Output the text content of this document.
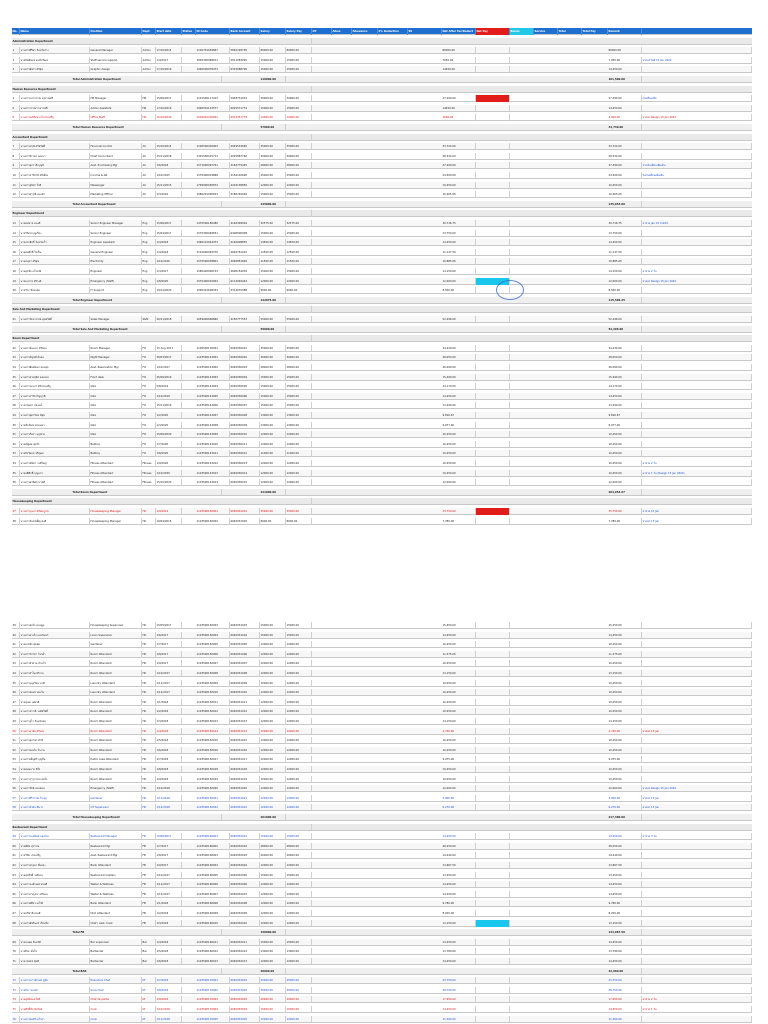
No.	Name	Position	Dept.	Start date	Status	ID Code	Bank Account	Salary	Salary Pay	OT	Allow	Allowance	2% Deduction	SS	Net After Tax/Deduct	Net Pay	Bonus	Service	Total	Total Pay	Remark
Administration Department
1	นางสาวศิริพร จันทร์สว่าง	General Manager	Admin	17/10/2014	1100701059867	5840728765	80000.00	80000.00	80000.00	80000.00
2	นายกิตติพงษ์ ธนชัยวัฒน์	Staff service support	Admin	1/4/2017	3920300968011	2011083095	15000.00	15000.00	7050.00	7,050.00	ลาออกวันที่ 15 Jan 2024
3	นางสาวพัชรา ศรีสุข	Graphic design	Admin	17/10/2019	1990500978473	6315688700	15000.00	15000.00	14450.00	14,450.00
Total Administration Department	110000.00	101,500.00
Human Resource Department
4	นางสาวกนกวรรณ สุวรรณศรี	HR Manager	HR	15/06/2017	1101500117412	5948731934	30000.00	30000.00	27,290.00	27,290.00	เงินเดือนเพิ่ม
5	นางสาววรรณา เชาวน์ดี	Admin Assistant	HR	17/10/2019	1990501123577	6025571774	15000.00	15000.00	14450.00	14,450.00
6	นางสาวมณีรัตน์ แก้วประเสริฐ	Office Staff	HR	15/10/2020	1502001230001	6014357778	12000.00	12000.00	3000.00	3,000.00	ลาออก Resign 15 Jan 2024
Total Human Resource Department	57000.00	44,740.00
Accountant Department
7	นางสาวอรุณี ศรีสวัสดิ์	Financial Control	AC	15/10/2014	1100500402003	4049533665	35000.00	35000.00	33,724.00	33,724.00
8	นางสาวจิราพร ทองมา	Chief Accountant	AC	25/11/2018	1301500015713	4025887760	30000.00	30000.00	28,534.00	28,534.00
9	นางสาวสุภาวดี บุญมี	Asst. Purchasing Mgr	AC	1/6/2018	1571000097761	4182779445	28000.00	28000.00	27,290.00	27,290.00	จ่ายเงินเดือนเพิ่มเติม
10	นางสาวปาริชาติ ศรีเมือง	Income & AR	AC	1/10/2015	1570400019868	4156102690	25000.00	25000.00	24,500.00	24,500.00	รับเงินเดือนเพิ่มเติม
11	นางสาวสุนิสา ใจดี	Messenger	AC	15/11/2015	1799900056874	4204138850	12000.00	12000.00	10,450.00	10,450.00
12	นางสาวดารุณี ทองคำ	Marketing Officer	AC	1/3/2016	1980201090813	4186740046	15000.00	15000.00	10,465.00	10,465.00
Total Accountant Department	145000.00	135,053.00
Engineer Department
13	นายสมชาย ทองดี	Senior Engineer Manager	Eng	15/06/2017	1470500180480	4146399904	32575.00	32575.00	30,716.75	30,716.75	ลาป่วย Jan 15 Credit
14	นายวิรัตน์ บุญเรือง	Senior Engineer	Eng	15/04/2017	1570300048831	6406500998	15000.00	15000.00	13,750.00	13,750.00
15	นายประสิทธิ์ จันทร์แก้ว	Engineer Assistant	Eng	1/4/2018	1960101044473	4140008855	14500.00	14500.00	14,450.00	14,450.00
16	นายสมศักดิ์ ใจเย็น	General Engineer	Eng	1/4/2018	3191000063370	4046761015	12500.00	12500.00	11,147.50	11,147.50
17	นายอนุชา ศรีสุข	Electricity	Eng	1/10/2016	1570500038801	4046851846	11500.00	11500.00	10,885.00	10,885.00
18	นายสุรชัย แก้วมณี	Engineer	Eng	1/3/2017	1580402000153	4600154934	15000.00	15000.00	14,150.00	14,150.00	ลาป่วย 2 วัน
19	นายธนากร ศรีวงศ์	Emergency (Staff)	Eng	1/8/2020	1570400010004	6114094444	12000.00	12000.00	12,000.00	12,000.00	ลาออก Resign 15 Jan 2024
20	นายวีระ ชัยมงคล	IT Support	Eng	19/12/2020	1990301609333	4314075988	9000.00	9000.00	8,500.00	8,500.00
Total Engineer Department	122075.00	115,599.25
Sale And Marketing Department
21	นางสาวรัตนาภรณ์ สุขสวัสดิ์	Sales Manager	S&M	20/11/2018	1659900666860	4150777553	55000.00	55000.00	52,296.00	52,296.00
Total Sale And Marketing Department	55000.00	52,296.00
Room Department
22	นางสาวนันทนา ศรีอ่อน	Room Manager	FO	15 Aug 2017	1100500130001	6040930001	35000.00	35000.00	34,430.00	34,430.00
23	นางสาวอัญชลี มั่นคง	Night Manager	FO	30/03/2017	1103500143001	6040930002	30000.00	30000.00	28,050.00	28,050.00
24	นางสาวพิมพ์ชนก ทองสุข	Asst. Reservation Mgr	FO	1/10/2017	1103500143002	6040930003	28000.00	28000.00	26,090.00	26,090.00
25	นางสาวสายสุนีย์ แสงทอง	Front desk	FO	25/06/2019	1103500143003	6040930004	15000.00	15000.00	15,490.00	15,490.00
26	นางสาวรุ่งนภา ศรีประเสริฐ	GSA	FO	5/8/2019	1103500143004	6040930005	15000.00	15000.00	14,170.00	14,170.00
27	นางสาวอารีย์ ปัญญาดี	GSA	FO	1/10/2019	1103500143005	6040930006	15000.00	15000.00	14,450.00	14,450.00
28	นายกฤษดา ทองแท้	GSA	FO	15/11/2019	1103500143006	6040930007	15000.00	15000.00	13,290.00	13,290.00
29	นางสาวสุดารัตน์ มีสุข	GSA	FO	1/2/2020	1103500143007	6040930008	13000.00	13000.00	9,816.67	9,816.67
30	นายชัยวัฒน์ พรหมมา	GSA	FO	1/3/2020	1103500143008	6040930009	13000.00	13000.00	9,977.00	9,977.00
31	นางสาวกัลยา บุญช่วย	GSA	FO	15/06/2020	1103500143009	6040930010	12000.00	12000.00	10,450.00	10,450.00
32	นายณัฐพล สุขใจ	Bellboy	FO	1/7/2020	1103500143010	6040930011	12000.00	12000.00	10,450.00	10,450.00
33	นายธีรวัฒน์ เจริญผล	Bellboy	FO	1/8/2020	1103500143011	6040930012	11000.00	11000.00	10,450.00	10,450.00
34	นางสาวชนิดา วงศ์ใหญ่	Fitness Attendant	Fitness	1/9/2020	1103500143012	6040930013	12000.00	12000.00	10,450.00	10,450.00	ลาป่วย 2 วัน
35	นายอดิศักดิ์ บุญมาก	Fitness Attendant	Fitness	1/10/2020	1103500143013	6040930014	12000.00	12000.00	10,450.00	10,450.00	ลาป่วย 1 วัน (Resign 15 Jan 2024)
36	นางสาวพรทิพย์ นาคดี	Fitness Attendant	Fitness	15/10/2020	1103500143014	6040930015	12000.00	12000.00	12,000.00	12,000.00
Total Room Department	221000.00	204,954.67
Housekeeping Department
37	นางสาวบุษบา ศรีสมบูรณ์	Housekeeping Manager	HK	1/9/2014	1103500150001	6040931001	35000.00	35000.00	33,750.00	33,750.00	ลาป่วย 15 Jan
38	นางสาวจันทร์เพ็ญ คงดี	Housekeeping Manager	HK	10/04/2015	1103500150002	6040931002	8000.00	8000.00	7,780.00	7,780.00	ลาออก 15 Jan
39	นางสาวสมใจ ทองพูน	Housekeeping Supervisor	HK	15/05/2017	1103500150003	6040931003	15000.00	15000.00	15,450.00	15,450.00
40	นางสาวดวงใจ แสงจันทร์	Linen Supervisor	HK	1/6/2017	1103500150004	6040931004	15000.00	15000.00	14,450.00	14,450.00
41	นายเอกชัย สุขสม	Gardener	HK	1/7/2017	1103500150005	6040931005	12000.00	12000.00	10,450.00	10,450.00
42	นางสาววิภาดา ใจกล้า	Room Attendant	HK	1/8/2017	1103500150006	6040931006	12000.00	12000.00	11,375.00	11,375.00
43	นางสาวลำดวน บัวแก้ว	Room Attendant	HK	1/9/2017	1103500150007	6040931007	12000.00	12000.00	10,450.00	10,450.00
44	นางสาวอำไพ ศรีงาม	Room Attendant	HK	1/10/2017	1103500150008	6040931008	12000.00	12000.00	13,150.00	13,150.00
45	นางสาวบุญเรือน มาดี	Laundry Attendant	HK	1/11/2017	1103500150009	6040931009	12000.00	12000.00	10,450.00	10,450.00
46	นางสาวสมพร ทองใบ	Laundry Attendant	HK	1/12/2017	1103500150010	6040931010	12000.00	12000.00	10,450.00	10,450.00
47	นายสุเมธ เพชรดี	Room Attendant	HK	1/1/2018	1103500150011	6040931011	12000.00	12000.00	10,450.00	10,450.00
48	นางสาวปราณี วงศ์สวัสดิ์	Room Attendant	HK	1/2/2018	1103500150012	6040931012	12000.00	12000.00	10,450.00	10,450.00
49	นางสาวอุไร จันทร์หอม	Room Attendant	HK	1/3/2018	1103500150013	6040931013	12000.00	12000.00	14,150.00	14,150.00
50	นางสาวมาลัย ศรีทอง	Room Attendant	HK	1/4/2018	1103500150014	6040931014	12000.00	12000.00	2,740.00	2,740.00	ลาออก 15 Jan
51	นางสาวสุภาพร คำดี	Room Attendant	HK	1/5/2018	1103500150015	6040931015	12000.00	12000.00	10,450.00	10,450.00
52	นางสาวทองใบ ใจงาม	Room Attendant	HK	1/6/2018	1103500150016	6040931016	12000.00	12000.00	10,450.00	10,450.00
53	นางสาวเพ็ญศรี บุญยืน	Public Area Attendant	HK	1/7/2018	1103500150017	6040931017	12000.00	12000.00	9,975.00	9,975.00
54	นายสมหมาย ดีใจ	Room Attendant	HK	1/8/2018	1103500150018	6040931018	12000.00	12000.00	10,450.00	10,450.00
55	นางสาวจารุวรรณ สมใจ	Room Attendant	HK	1/9/2018	1103500150019	6040931019	12000.00	12000.00	10,450.00	10,450.00
56	นางสาวรัชนี ทองอ่อน	Emergency (Staff)	HK	1/10/2018	1103500150020	6040931020	12000.00	12000.00	12,000.00	12,000.00	ลาออก Resign 15 Jan 2024
57	นางสาวศิริวรรณ ใจบุญ	Gardener	HK	1/11/2018	1103500150021	6040931021	12000.00	12000.00	3,000.00	3,000.00	ลาออก 15 Jan
58	นางสาวบัวผัน ดีมาก	OT Supervisor	HK	1/12/2018	1103500150022	6040931022	12000.00	12000.00	6,270.00	6,270.00	ลาออก 15 Jan
Total Housekeeping Department	261000.00	217,390.00
Restaurant Department
59	นางสาวกมลทิพย์ แสงเงิน	Restaurant Manager	FB	15/06/2017	1103500160001	6040932001	15000.00	15000.00	14,450.00	14,450.00	ลาป่วย 3 วัน
60	นายพิชัย สุวรรณ	Restaurant Mgr	FB	1/7/2017	1103500160002	6040932002	28000.00	28000.00	28,250.00	28,250.00
61	นายวิชัย ประเสริฐ	Asst. Restaurant Mgr	FB	1/8/2017	1103500160003	6040932003	20000.00	20000.00	19,440.00	19,440.00
62	นางสาวอรอุมา พึ่งทอง	Bank Attendant	FB	1/9/2017	1103500160004	6040932004	12000.00	12000.00	13,667.50	13,667.50
63	นายสุรศักดิ์ วงศ์ทอง	Restaurant Captain	FB	1/10/2017	1103500160005	6040932005	15000.00	15000.00	13,250.00	13,250.00
64	นางสาวนงลักษณ์ พรมดี	Waiter & Waitress	FB	1/11/2017	1103500160006	6040932006	12000.00	12000.00	14,450.00	14,450.00
65	นางสาวกาญจนา ศรีทอง	Waiter & Waitress	FB	1/12/2017	1103500160007	6040932007	12000.00	12000.00	14,450.00	14,450.00
66	นางสาวศศิธร แก้วดี	Bank Attendant	FB	1/1/2018	1103500160008	6040932008	12000.00	12000.00	9,780.00	9,780.00
67	นายอภิชาติ ทองสี	Dish Attendant	FB	1/2/2018	1103500160009	6040932009	12000.00	12000.00	8,200.00	8,200.00
68	นางสาวพัชรินทร์ เรืองชัย	Chef / Asst. Cook	FB	1/3/2018	1103500160010	6040932010	12000.00	12000.00	13,150.00	13,150.00
Total FB	150000.00	143,087.50
69	นายธนพล จันทร์ดี	Bar supervisor	Bar	1/4/2018	1103500160011	6040932011	15000.00	15000.00	14,450.00	14,450.00
70	นายปิยะ มั่นใจ	Bartender	Bar	1/5/2018	1103500160012	6040932012	13000.00	13000.00	13,780.00	13,780.00
71	นายวรพจน์ สุขดี	Bartender	Bar	1/6/2018	1103500160013	6040932013	12000.00	12000.00	14,450.00	14,450.00
Total BAR	40000.00	42,680.00
72	นางสาวเยาวลักษณ์ ชูชัย	Executive Chef	KT	1/7/2018	1103500170001	6040933001	45000.00	45000.00	43,750.00	43,750.00
73	นายธีระ ทองคำ	Sous Chef	KT	1/8/2018	1103500170002	6040933002	30000.00	30000.00	28,750.00	28,750.00
74	นายสุทธิพงษ์ ใจดี	Chef de partie	KT	1/9/2018	1103500170003	6040933003	20000.00	20000.00	17,950.00	17,950.00	ลาป่วย 2 วัน
75	นายศักดิ์ชัย มีทรัพย์	Cook	KT	1/10/2018	1103500170004	6040933004	15000.00	15000.00	14,450.00	14,450.00	ลาป่วย 1 วัน
76	นางสาวสมศรี แก้วตา	Cook	KT	1/11/2018	1103500170005	6040933005	12000.00	12000.00	11,360.00	11,360.00
